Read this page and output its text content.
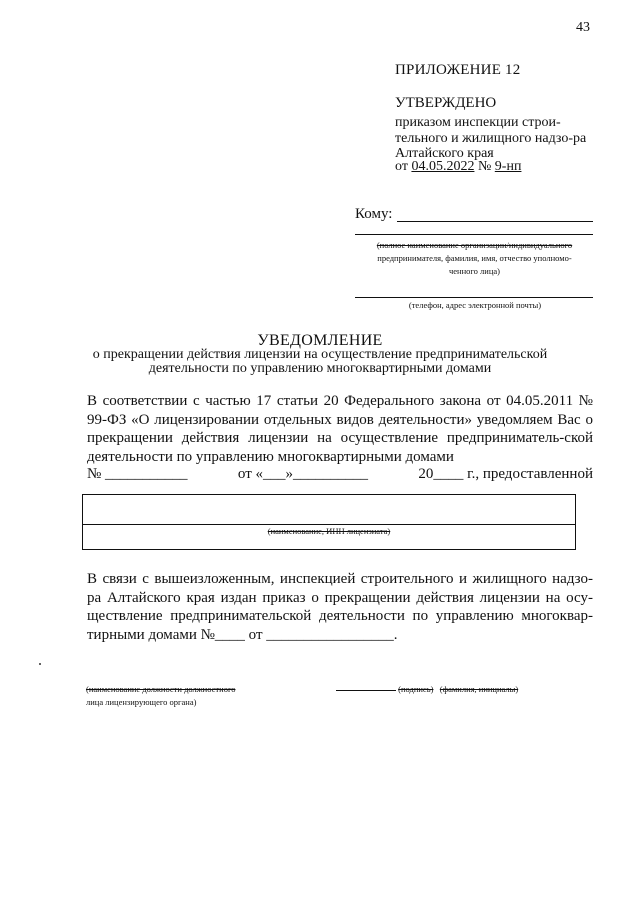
43
ПРИЛОЖЕНИЕ 12
УТВЕРЖДЕНО
приказом инспекции строи-тельного и жилищного надзо-ра Алтайского края
от 04.05.2022 № 9-нп
Кому:
(полное наименование организации/индивидуального
предпринимателя, фамилия, имя, отчество уполномо-
ченного лица)
(телефон, адрес электронной почты)
УВЕДОМЛЕНИЕ
о прекращении действия лицензии на осуществление предпринимательской деятельности по управлению многоквартирными домами
В соответствии с частью 17 статьи 20 Федерального закона от 04.05.2011 № 99-ФЗ «О лицензировании отдельных видов деятельности» уведомляем Вас о прекращении действия лицензии на осуществление предприниматель-ской деятельности по управлению многоквартирными домами
№ ___________	от «___»__________	20____ г., предоставленной
(наименование, ИНН лицензиата)
В связи с вышеизложенным, инспекцией строительного и жилищного надзо-ра Алтайского края издан приказ о прекращении действия лицензии на осу-ществление предпринимательской деятельности по управлению многоквар-тирными домами №____ от _________________.
(наименование должности должностного
лица лицензирующего органа)
(подпись) (фамилия, инициалы)
